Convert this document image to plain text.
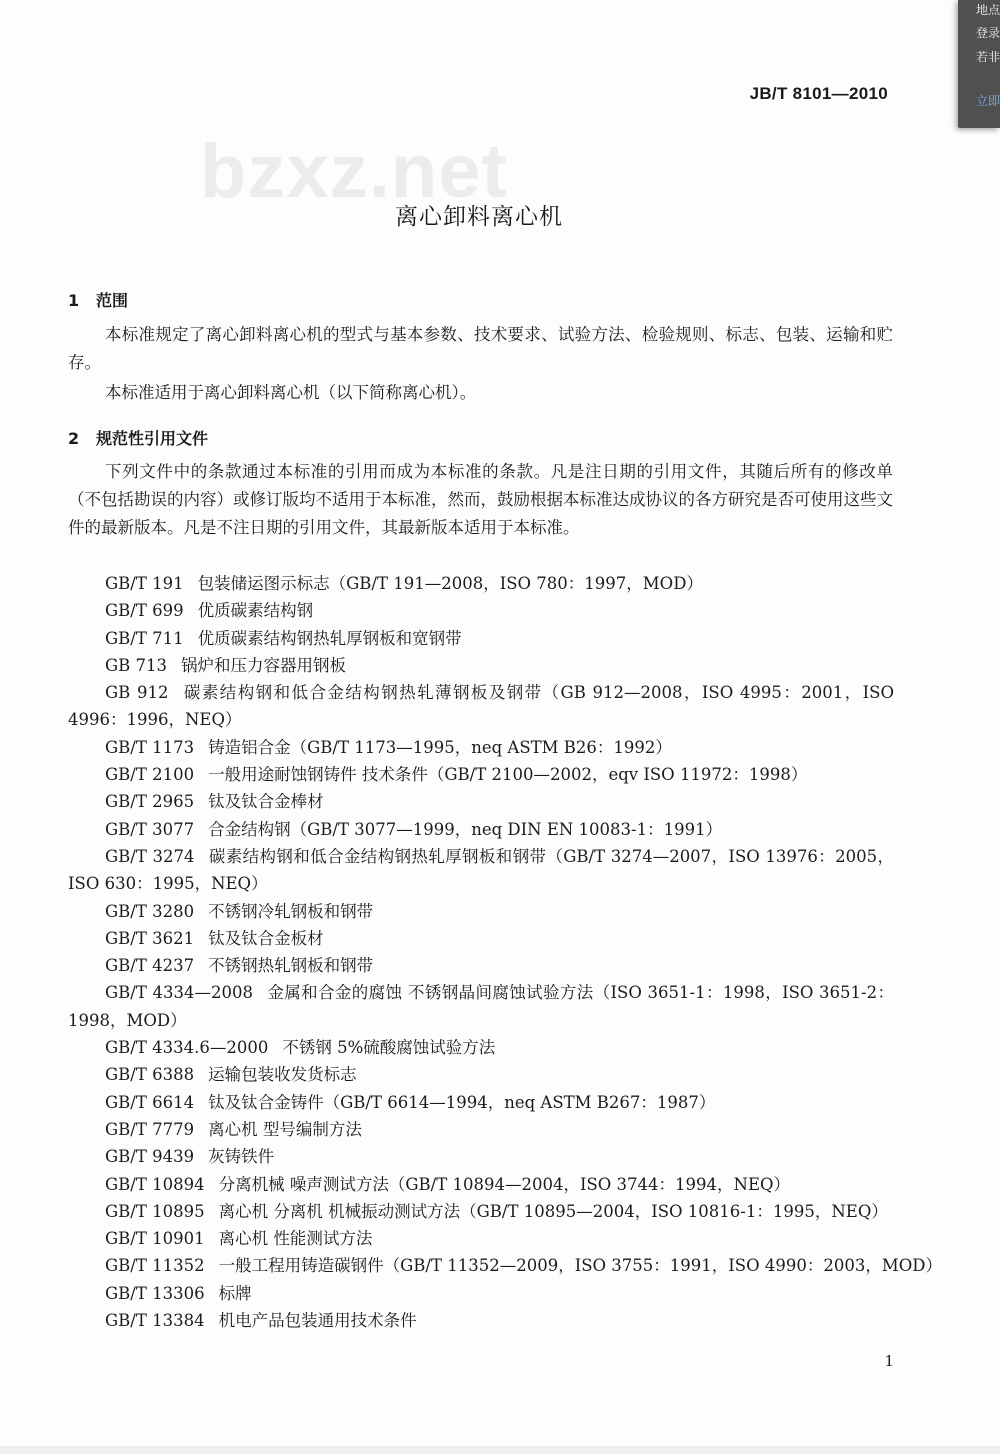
JB/T 8101—2010
bzxz.net
离心卸料离心机
1 范围

本标准规定了离心卸料离心机的型式与基本参数、技术要求、试验方法、检验规则、标志、包装、运输和贮存。

本标准适用于离心卸料离心机（以下简称离心机）。

2 规范性引用文件

下列文件中的条款通过本标准的引用而成为本标准的条款。凡是注日期的引用文件，其随后所有的修改单（不包括勘误的内容）或修订版均不适用于本标准，然而，鼓励根据本标准达成协议的各方研究是否可使用这些文件的最新版本。凡是不注日期的引用文件，其最新版本适用于本标准。

GB/T 191 包装储运图示标志（GB/T 191—2008，ISO 780：1997，MOD）

GB/T 699 优质碳素结构钢

GB/T 711 优质碳素结构钢热轧厚钢板和宽钢带

GB 713 锅炉和压力容器用钢板

GB 912 碳素结构钢和低合金结构钢热轧薄钢板及钢带（GB 912—2008，ISO 4995：2001，ISO 4996：1996，NEQ）

GB/T 1173 铸造铝合金（GB/T 1173—1995，neq ASTM B26：1992）

GB/T 2100 一般用途耐蚀钢铸件 技术条件（GB/T 2100—2002，eqv ISO 11972：1998）

GB/T 2965 钛及钛合金棒材

GB/T 3077 合金结构钢（GB/T 3077—1999，neq DIN EN 10083-1：1991）

GB/T 3274 碳素结构钢和低合金结构钢热轧厚钢板和钢带（GB/T 3274—2007，ISO 13976：2005，ISO 630：1995，NEQ）

GB/T 3280 不锈钢冷轧钢板和钢带

GB/T 3621 钛及钛合金板材

GB/T 4237 不锈钢热轧钢板和钢带

GB/T 4334—2008 金属和合金的腐蚀 不锈钢晶间腐蚀试验方法（ISO 3651-1：1998，ISO 3651-2：1998，MOD）

GB/T 4334.6—2000 不锈钢 5%硫酸腐蚀试验方法

GB/T 6388 运输包装收发货标志

GB/T 6614 钛及钛合金铸件（GB/T 6614—1994，neq ASTM B267：1987）

GB/T 7779 离心机 型号编制方法

GB/T 9439 灰铸铁件

GB/T 10894 分离机械 噪声测试方法（GB/T 10894—2004，ISO 3744：1994，NEQ）

GB/T 10895 离心机 分离机 机械振动测试方法（GB/T 10895—2004，ISO 10816-1：1995，NEQ）

GB/T 10901 离心机 性能测试方法

GB/T 11352 一般工程用铸造碳钢件（GB/T 11352—2009，ISO 3755：1991，ISO 4990：2003，MOD）

GB/T 13306 标牌

GB/T 13384 机电产品包装通用技术条件

1
地点
登录
若非
立即
